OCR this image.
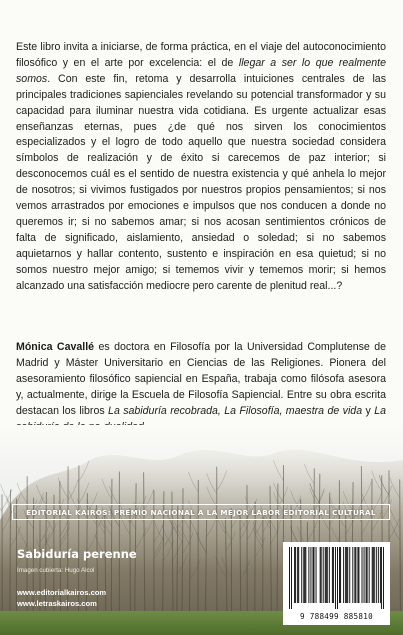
Este libro invita a iniciarse, de forma práctica, en el viaje del autoconocimiento filosófico y en el arte por excelencia: el de llegar a ser lo que realmente somos. Con este fin, retoma y desarrolla intuiciones centrales de las principales tradiciones sapienciales revelando su potencial transformador y su capacidad para iluminar nuestra vida cotidiana. Es urgente actualizar esas enseñanzas eternas, pues ¿de qué nos sirven los conocimientos especializados y el logro de todo aquello que nuestra sociedad considera símbolos de realización y de éxito si carecemos de paz interior; si desconocemos cuál es el sentido de nuestra existencia y qué anhela lo mejor de nosotros; si vivimos fustigados por nuestros propios pensamientos; si nos vemos arrastrados por emociones e impulsos que nos conducen a donde no queremos ir; si no sabemos amar; si nos acosan sentimientos crónicos de falta de significado, aislamiento, ansiedad o soledad; si no sabemos aquietarnos y hallar contento, sustento e inspiración en esa quietud; si no somos nuestro mejor amigo; si tememos vivir y tememos morir; si hemos alcanzado una satisfacción mediocre pero carente de plenitud real...?
Mónica Cavallé es doctora en Filosofía por la Universidad Complutense de Madrid y Máster Universitario en Ciencias de las Religiones. Pionera del asesoramiento filosófico sapiencial en España, trabaja como filósofa asesora y, actualmente, dirige la Escuela de Filosofía Sapiencial. Entre su obra escrita destacan los libros La sabiduría recobrada, La Filosofía, maestra de vida y La
EDITORIAL KAIRÓS: PREMIO NACIONAL A LA MEJOR LABOR EDITORIAL CULTURAL
Sabiduría perenne
Imagen cubierta: Hugo Alcol
www.editorialkairos.com
www.letraskairos.com
9 788499 885810
